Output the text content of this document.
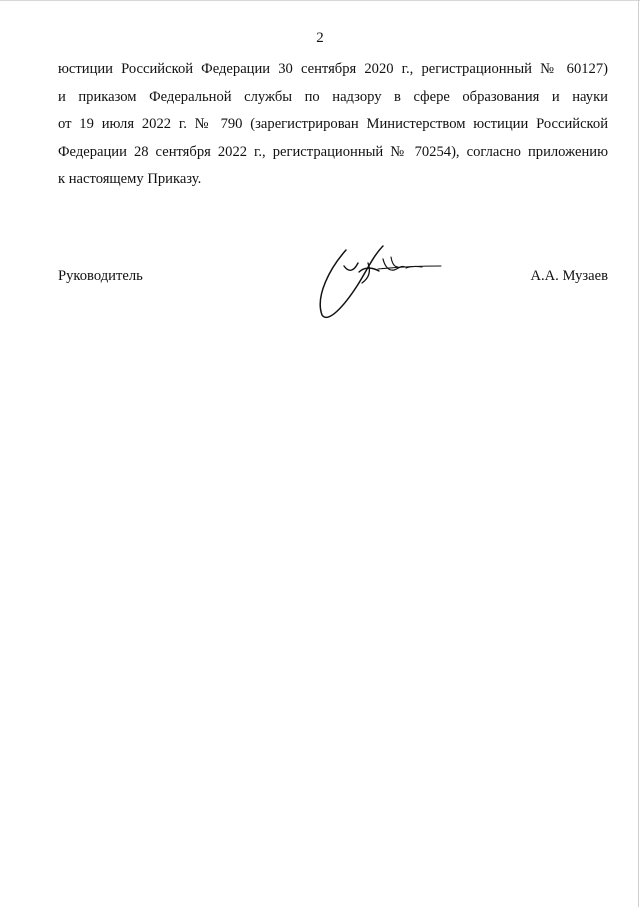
2
юстиции Российской Федерации 30 сентября 2020 г., регистрационный № 60127)
и приказом Федеральной службы по надзору в сфере образования и науки
от 19 июля 2022 г. № 790 (зарегистрирован Министерством юстиции Российской
Федерации 28 сентября 2022 г., регистрационный № 70254), согласно приложению
к настоящему Приказу.
Руководитель	А.А. Музаев
